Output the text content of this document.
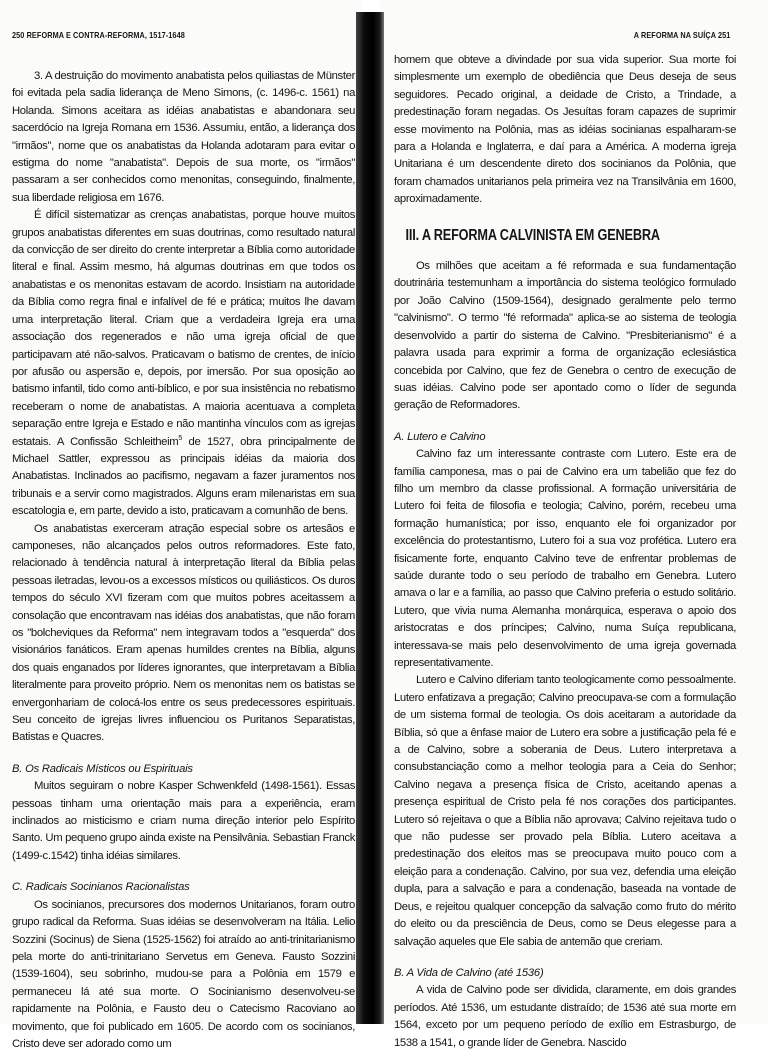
250 REFORMA E CONTRA-REFORMA, 1517-1648

3. A destruição do movimento anabatista pelos quiliastas de Münster foi evitada pela sadia liderança de Meno Simons, (c. 1496-c. 1561) na Holanda. Simons aceitara as idéias anabatistas e abandonara seu sacerdócio na Igreja Romana em 1536. Assumiu, então, a liderança dos "irmãos", nome que os anabatistas da Holanda adotaram para evitar o estigma do nome "anabatista". Depois de sua morte, os "irmãos" passaram a ser conhecidos como menonitas, conseguindo, finalmente, sua liberdade religiosa em 1676.

É difícil sistematizar as crenças anabatistas, porque houve muitos grupos anabatistas diferentes em suas doutrinas, como resultado natural da convicção de ser direito do crente interpretar a Bíblia como autoridade literal e final. Assim mesmo, há algumas doutrinas em que todos os anabatistas e os menonitas estavam de acordo. Insistiam na autoridade da Bíblia como regra final e infalível de fé e prática; muitos lhe davam uma interpretação literal. Criam que a verdadeira Igreja era uma associação dos regenerados e não uma igreja oficial de que participavam até não-salvos. Praticavam o batismo de crentes, de início por afusão ou aspersão e, depois, por imersão. Por sua oposição ao batismo infantil, tido como anti-bíblico, e por sua insistência no rebatismo receberam o nome de anabatistas. A maioria acentuava a completa separação entre Igreja e Estado e não mantinha vínculos com as igrejas estatais. A Confissão Schleitheim$^5$ de 1527, obra principalmente de Michael Sattler, expressou as principais idéias da maioria dos Anabatistas. Inclinados ao pacifismo, negavam a fazer juramentos nos tribunais e a servir como magistrados. Alguns eram milenaristas em sua escatologia e, em parte, devido a isto, praticavam a comunhão de bens.

Os anabatistas exerceram atração especial sobre os artesãos e camponeses, não alcançados pelos outros reformadores. Este fato, relacionado à tendência natural à interpretação literal da Bíblia pelas pessoas iletradas, levou-os a excessos místicos ou quiliásticos. Os duros tempos do século XVI fizeram com que muitos pobres aceitassem a consolação que encontravam nas idéias dos anabatistas, que não foram os "bolcheviques da Reforma" nem integravam todos a "esquerda" dos visionários fanáticos. Eram apenas humildes crentes na Bíblia, alguns dos quais enganados por líderes ignorantes, que interpretavam a Bíblia literalmente para proveito próprio. Nem os menonitas nem os batistas se envergonhariam de colocá-los entre os seus predecessores espirituais. Seu conceito de igrejas livres influenciou os Puritanos Separatistas, Batistas e Quacres.

B. Os Radicais Místicos ou Espirituais

Muitos seguiram o nobre Kasper Schwenkfeld (1498-1561). Essas pessoas tinham uma orientação mais para a experiência, eram inclinados ao misticismo e criam numa direção interior pelo Espírito Santo. Um pequeno grupo ainda existe na Pensilvânia. Sebastian Franck (1499-c.1542) tinha idéias similares.

C. Radicais Socinianos Racionalistas

Os socinianos, precursores dos modernos Unitarianos, foram outro grupo radical da Reforma. Suas idéias se desenvolveram na Itália. Lelio Sozzini (Socinus) de Siena (1525-1562) foi atraído ao anti-trinitarianismo pela morte do anti-trinitariano Servetus em Geneva. Fausto Sozzini (1539-1604), seu sobrinho, mudou-se para a Polônia em 1579 e permaneceu lá até sua morte. O Socinianismo desenvolveu-se rapidamente na Polônia, e Fausto deu o Catecismo Racoviano ao movimento, que foi publicado em 1605. De acordo com os socinianos, Cristo deve ser adorado como um

A REFORMA NA SUÍÇA 251

homem que obteve a divindade por sua vida superior. Sua morte foi simplesmente um exemplo de obediência que Deus deseja de seus seguidores. Pecado original, a deidade de Cristo, a Trindade, a predestinação foram negadas. Os Jesuítas foram capazes de suprimir esse movimento na Polônia, mas as idéias socinianas espalharam-se para a Holanda e Inglaterra, e daí para a América. A moderna igreja Unitariana é um descendente direto dos socinianos da Polônia, que foram chamados unitarianos pela primeira vez na Transilvânia em 1600, aproximadamente.

III. A REFORMA CALVINISTA EM GENEBRA

Os milhões que aceitam a fé reformada e sua fundamentação doutrinária testemunham a importância do sistema teológico formulado por João Calvino (1509-1564), designado geralmente pelo termo "calvinismo". O termo "fé reformada" aplica-se ao sistema de teologia desenvolvido a partir do sistema de Calvino. "Presbiterianismo" é a palavra usada para exprimir a forma de organização eclesiástica concebida por Calvino, que fez de Genebra o centro de execução de suas idéias. Calvino pode ser apontado como o líder de segunda geração de Reformadores.

A. Lutero e Calvino

Calvino faz um interessante contraste com Lutero. Este era de família camponesa, mas o pai de Calvino era um tabelião que fez do filho um membro da classe profissional. A formação universitária de Lutero foi feita de filosofia e teologia; Calvino, porém, recebeu uma formação humanística; por isso, enquanto ele foi organizador por excelência do protestantismo, Lutero foi a sua voz profética. Lutero era fisicamente forte, enquanto Calvino teve de enfrentar problemas de saúde durante todo o seu período de trabalho em Genebra. Lutero amava o lar e a família, ao passo que Calvino preferia o estudo solitário. Lutero, que vivia numa Alemanha monárquica, esperava o apoio dos aristocratas e dos príncipes; Calvino, numa Suíça republicana, interessava-se mais pelo desenvolvimento de uma igreja governada representativamente.

Lutero e Calvino diferiam tanto teologicamente como pessoalmente. Lutero enfatizava a pregação; Calvino preocupava-se com a formulação de um sistema formal de teologia. Os dois aceitaram a autoridade da Bíblia, só que a ênfase maior de Lutero era sobre a justificação pela fé e a de Calvino, sobre a soberania de Deus. Lutero interpretava a consubstanciação como a melhor teologia para a Ceia do Senhor; Calvino negava a presença física de Cristo, aceitando apenas a presença espiritual de Cristo pela fé nos corações dos participantes. Lutero só rejeitava o que a Bíblia não aprovava; Calvino rejeitava tudo o que não pudesse ser provado pela Bíblia. Lutero aceitava a predestinação dos eleitos mas se preocupava muito pouco com a eleição para a condenação. Calvino, por sua vez, defendia uma eleição dupla, para a salvação e para a condenação, baseada na vontade de Deus, e rejeitou qualquer concepção da salvação como fruto do mérito do eleito ou da presciência de Deus, como se Deus elegesse para a salvação aqueles que Ele sabia de antemão que creriam.

B. A Vida de Calvino (até 1536)

A vida de Calvino pode ser dividida, claramente, em dois grandes períodos. Até 1536, um estudante distraído; de 1536 até sua morte em 1564, exceto por um pequeno período de exílio em Estrasburgo, de 1538 a 1541, o grande líder de Genebra. Nascido
